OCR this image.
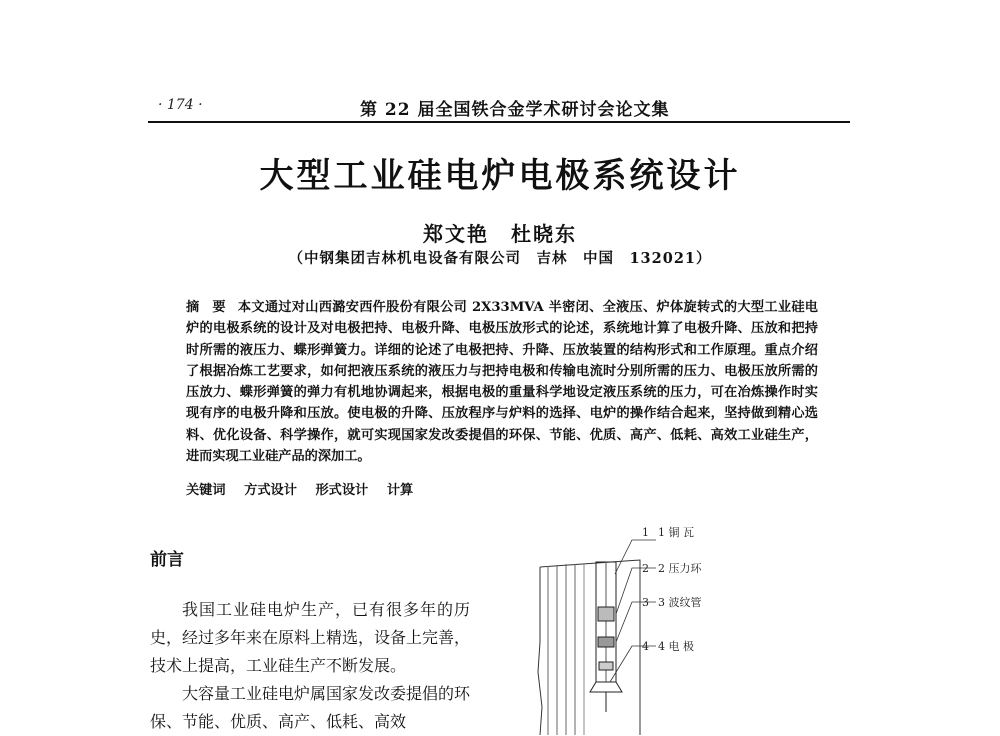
· 174 ·	第 22 届全国铁合金学术研讨会论文集
大型工业硅电炉电极系统设计
郑文艳　杜晓东
（中钢集团吉林机电设备有限公司　吉林　中国　132021）
摘 要 本文通过对山西潞安西仵股份有限公司 2X33MVA 半密闭、全液压、炉体旋转式的大型工业硅电炉的电极系统的设计及对电极把持、电极升降、电极压放形式的论述，系统地计算了电极升降、压放和把持时所需的液压力、蝶形弹簧力。详细的论述了电极把持、升降、压放装置的结构形式和工作原理。重点介绍了根据冶炼工艺要求，如何把液压系统的液压力与把持电极和传输电流时分别所需的压力、电极压放所需的压放力、蝶形弹簧的弹力有机地协调起来，根据电极的重量科学地设定液压系统的压力，可在冶炼操作时实现有序的电极升降和压放。使电极的升降、压放程序与炉料的选择、电炉的操作结合起来，坚持做到精心选料、优化设备、科学操作，就可实现国家发改委提倡的环保、节能、优质、高产、低耗、高效工业硅生产，进而实现工业硅产品的深加工。
关键词 方式设计 形式设计 计算
前言

我国工业硅电炉生产，已有很多年的历史，经过多年来在原料上精选，设备上完善，技术上提高，工业硅生产不断发展。

大容量工业硅电炉属国家发改委提倡的环保、节能、优质、高产、低耗、高效

1 铜 瓦
2 压力环
3 波纹管
4 电 极
1
2
3
4
